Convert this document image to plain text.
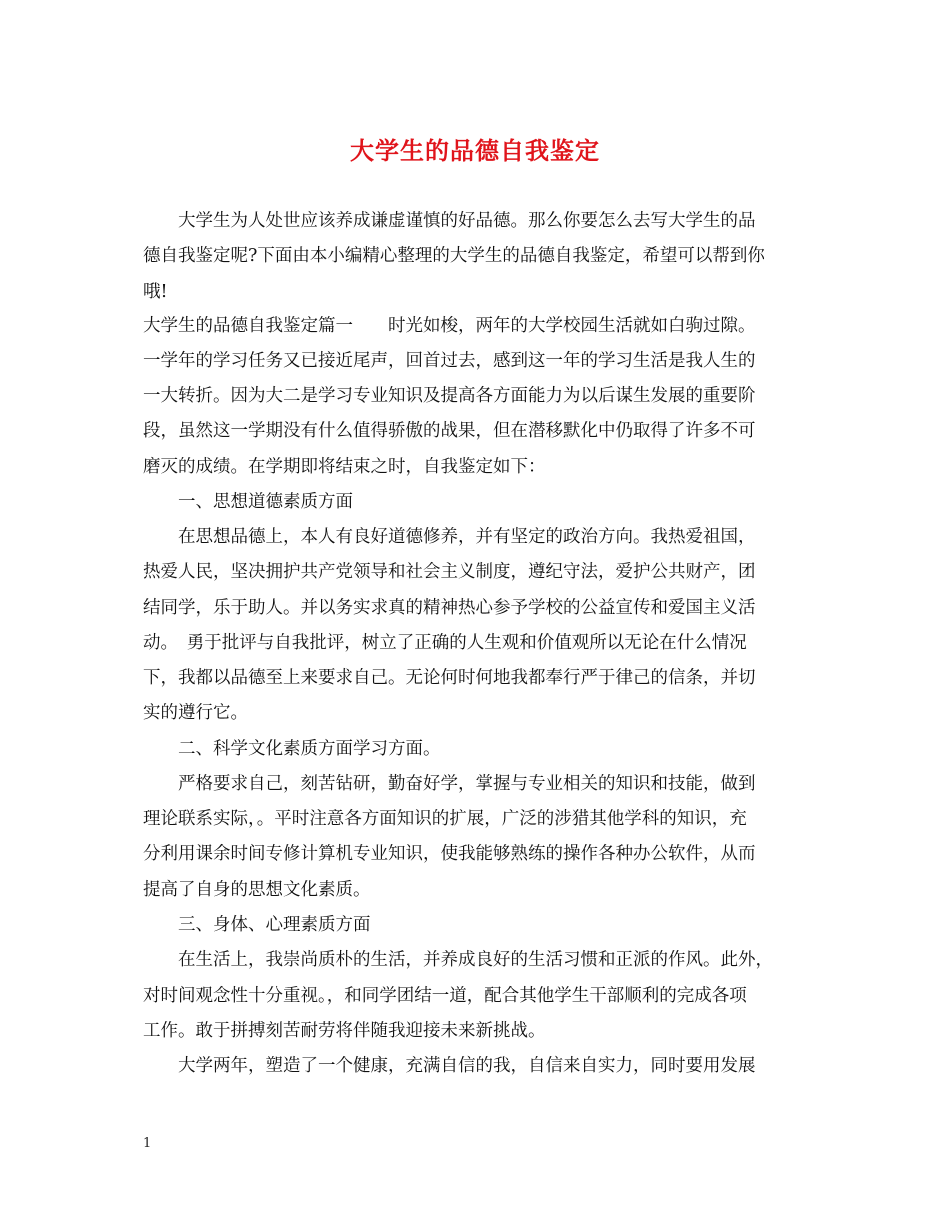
大学生的品德自我鉴定
　　大学生为人处世应该养成谦虚谨慎的好品德。那么你要怎么去写大学生的品
德自我鉴定呢?下面由本小编精心整理的大学生的品德自我鉴定，希望可以帮到你
哦!
大学生的品德自我鉴定篇一　　时光如梭，两年的大学校园生活就如白驹过隙。
一学年的学习任务又已接近尾声，回首过去，感到这一年的学习生活是我人生的
一大转折。因为大二是学习专业知识及提高各方面能力为以后谋生发展的重要阶
段，虽然这一学期没有什么值得骄傲的战果，但在潜移默化中仍取得了许多不可
磨灭的成绩。在学期即将结束之时，自我鉴定如下：
　　一、思想道德素质方面
　　在思想品德上，本人有良好道德修养，并有坚定的政治方向。我热爱祖国，
热爱人民，坚决拥护共产党领导和社会主义制度，遵纪守法，爱护公共财产，团
结同学，乐于助人。并以务实求真的精神热心参予学校的公益宣传和爱国主义活
动。　勇于批评与自我批评，树立了正确的人生观和价值观所以无论在什么情况
下，我都以品德至上来要求自己。无论何时何地我都奉行严于律己的信条，并切
实的遵行它。
　　二、科学文化素质方面学习方面。
　　严格要求自己，刻苦钻研，勤奋好学，掌握与专业相关的知识和技能，做到
理论联系实际，。平时注意各方面知识的扩展，广泛的涉猎其他学科的知识，充
分利用课余时间专修计算机专业知识，使我能够熟练的操作各种办公软件，从而
提高了自身的思想文化素质。
　　三、身体、心理素质方面
　　在生活上，我崇尚质朴的生活，并养成良好的生活习惯和正派的作风。此外，
对时间观念性十分重视。，和同学团结一道，配合其他学生干部顺利的完成各项
工作。敢于拼搏刻苦耐劳将伴随我迎接未来新挑战。
　　大学两年，塑造了一个健康，充满自信的我，自信来自实力，同时要用发展
1
